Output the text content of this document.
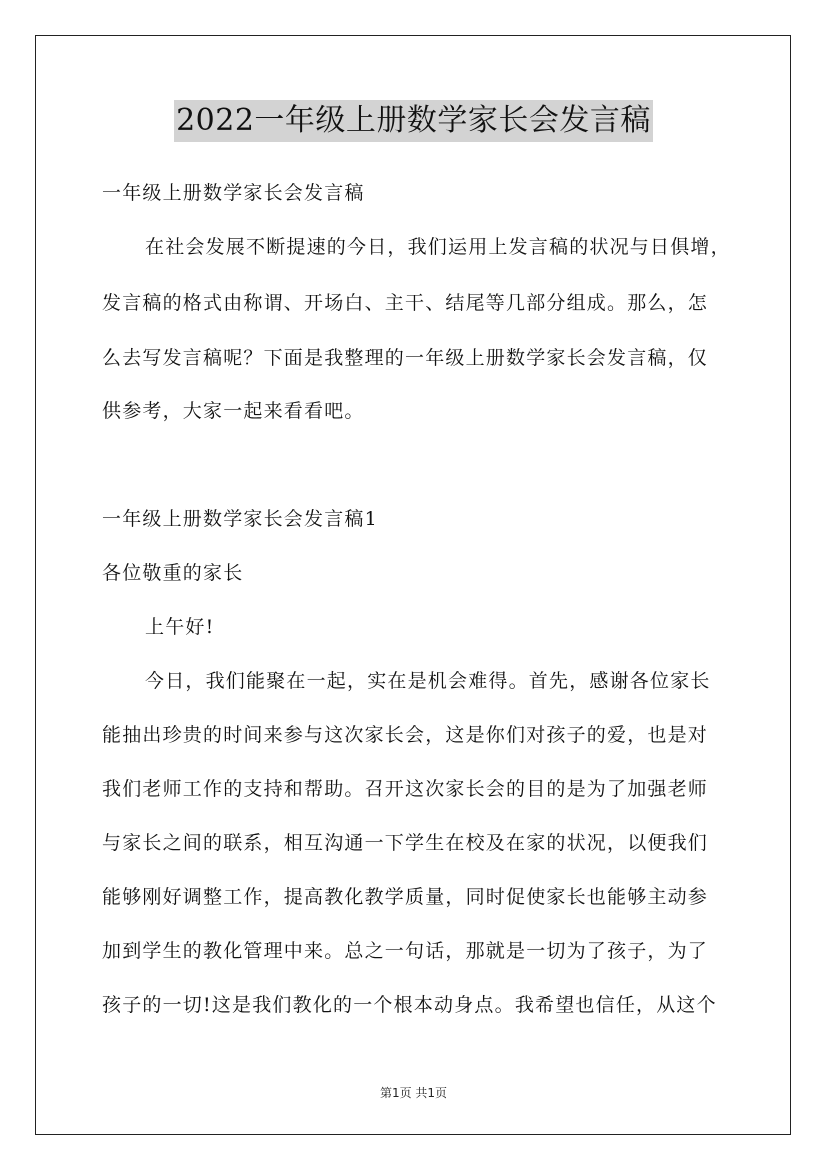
2022一年级上册数学家长会发言稿
一年级上册数学家长会发言稿
在社会发展不断提速的今日，我们运用上发言稿的状况与日俱增，
发言稿的格式由称谓、开场白、主干、结尾等几部分组成。那么，怎
么去写发言稿呢？下面是我整理的一年级上册数学家长会发言稿，仅
供参考，大家一起来看看吧。
一年级上册数学家长会发言稿1
各位敬重的家长
上午好!
今日，我们能聚在一起，实在是机会难得。首先，感谢各位家长
能抽出珍贵的时间来参与这次家长会，这是你们对孩子的爱，也是对
我们老师工作的支持和帮助。召开这次家长会的目的是为了加强老师
与家长之间的联系，相互沟通一下学生在校及在家的状况，以便我们
能够刚好调整工作，提高教化教学质量，同时促使家长也能够主动参
加到学生的教化管理中来。总之一句话，那就是一切为了孩子，为了
孩子的一切!这是我们教化的一个根本动身点。我希望也信任，从这个
第1页 共1页
